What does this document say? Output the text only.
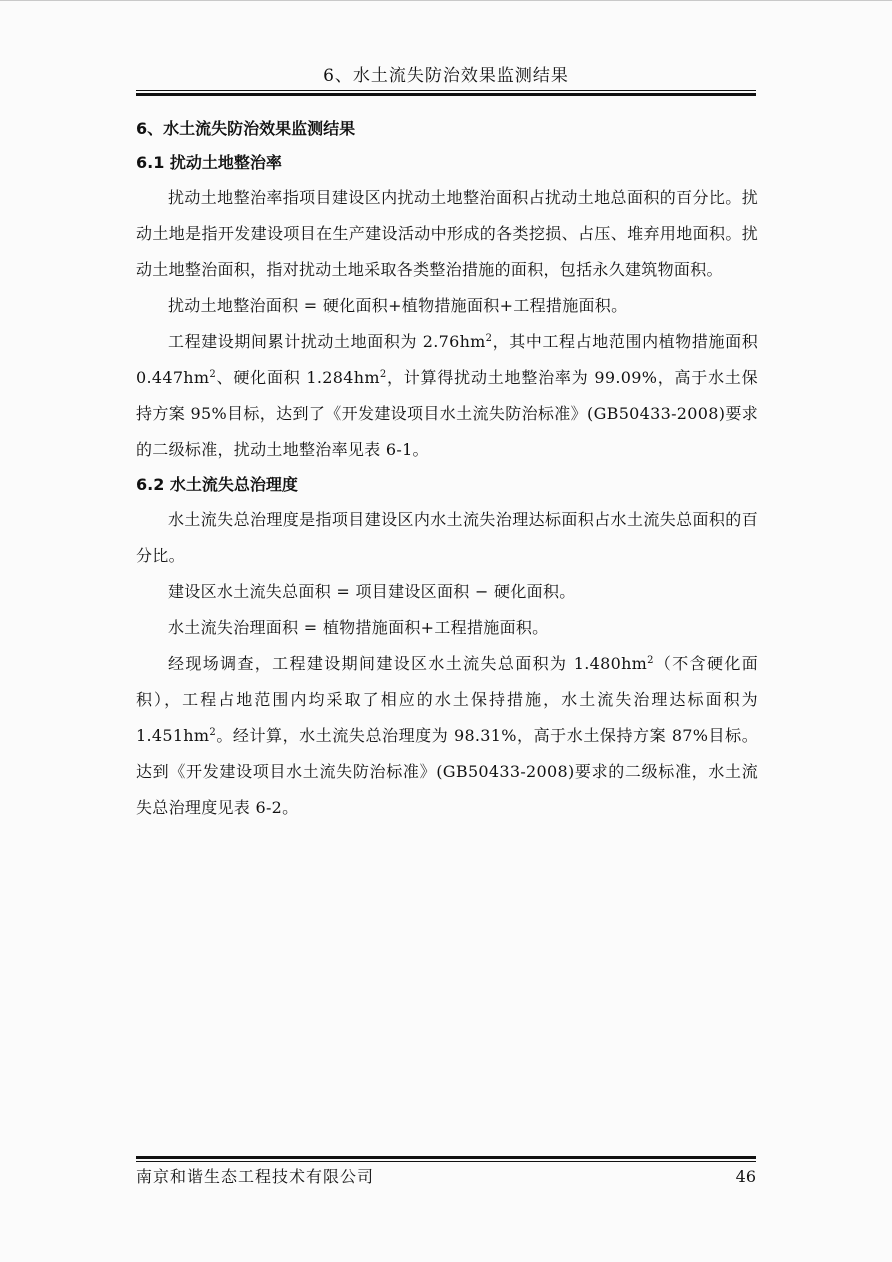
6、水土流失防治效果监测结果

6、水土流失防治效果监测结果

6.1 扰动土地整治率

扰动土地整治率指项目建设区内扰动土地整治面积占扰动土地总面积的百分比。扰动土地是指开发建设项目在生产建设活动中形成的各类挖损、占压、堆弃用地面积。扰动土地整治面积，指对扰动土地采取各类整治措施的面积，包括永久建筑物面积。

扰动土地整治面积 = 硬化面积+植物措施面积+工程措施面积。

工程建设期间累计扰动土地面积为 $2.76hm^2$，其中工程占地范围内植物措施面积 $0.447hm^2$、硬化面积 $1.284hm^2$，计算得扰动土地整治率为 99.09%，高于水土保持方案 95%目标，达到了《开发建设项目水土流失防治标准》(GB50433-2008)要求的二级标准，扰动土地整治率见表 6-1。

6.2 水土流失总治理度

水土流失总治理度是指项目建设区内水土流失治理达标面积占水土流失总面积的百分比。

建设区水土流失总面积 = 项目建设区面积 − 硬化面积。

水土流失治理面积 = 植物措施面积+工程措施面积。

经现场调查，工程建设期间建设区水土流失总面积为 $1.480hm^2$（不含硬化面积），工程占地范围内均采取了相应的水土保持措施，水土流失治理达标面积为 $1.451hm^2$。经计算，水土流失总治理度为 98.31%，高于水土保持方案 87%目标。达到《开发建设项目水土流失防治标准》(GB50433-2008)要求的二级标准，水土流失总治理度见表 6-2。

南京和谐生态工程技术有限公司	46
